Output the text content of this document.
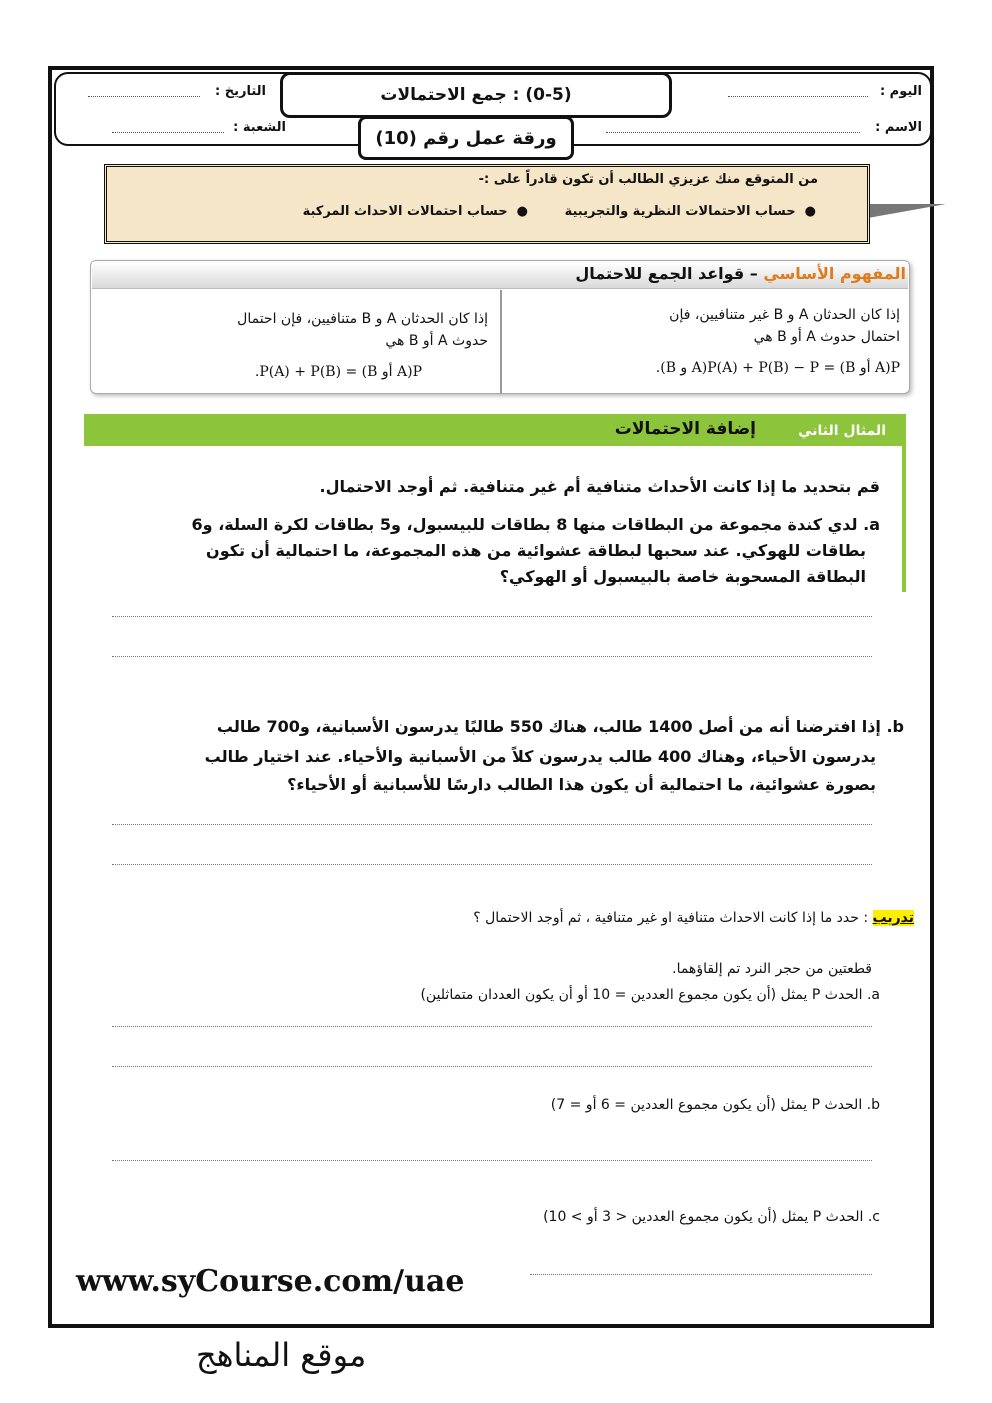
اليوم :
الاسم :
التاريخ :
الشعبة :
(0-5) : جمع الاحتمالات
ورقة عمل رقم (10)
من المتوقع منك عزيزي الطالب أن تكون قادراً على :-
●  حساب الاحتمالات النظرية والتجريبية
●  حساب احتمالات الاحداث المركبة
المفهوم الأساسي – قواعد الجمع للاحتمال
إذا كان الحدثان A و B غير متنافيين، فإن
احتمال حدوث A أو B هي
P(A أو B) = P(A) + P(B) − P(A و B).
إذا كان الحدثان A و B متنافيين، فإن احتمال
حدوث A أو B هي
P(A أو B) = P(A) + P(B).
المثال الثاني
إضافة الاحتمالات
قم بتحديد ما إذا كانت الأحداث متنافية أم غير متنافية. ثم أوجد الاحتمال.
a. لدي كندة مجموعة من البطاقات منها 8 بطاقات للبيسبول، و5 بطاقات لكرة السلة، و6
بطاقات للهوكي. عند سحبها لبطاقة عشوائية من هذه المجموعة، ما احتمالية أن تكون
البطاقة المسحوبة خاصة بالبيسبول أو الهوكي؟
b. إذا افترضنا أنه من أصل 1400 طالب، هناك 550 طالبًا يدرسون الأسبانية، و700 طالب
يدرسون الأحياء، وهناك 400 طالب يدرسون كلاً من الأسبانية والأحياء. عند اختيار طالب
بصورة عشوائية، ما احتمالية أن يكون هذا الطالب دارسًا للأسبانية أو الأحياء؟
تدريب : حدد ما إذا كانت الاحداث متنافية او غير متنافية ، ثم أوجد الاحتمال ؟
قطعتين من حجر النرد تم إلقاؤهما.
a. الحدث P يمثل (أن يكون مجموع العددين = 10 أو أن يكون العددان متماثلين)
b. الحدث P يمثل (أن يكون مجموع العددين = 6 أو = 7)
c. الحدث P يمثل (أن يكون مجموع العددين < 3 أو > 10)
www.syCourse.com/uae
موقع المناهج
